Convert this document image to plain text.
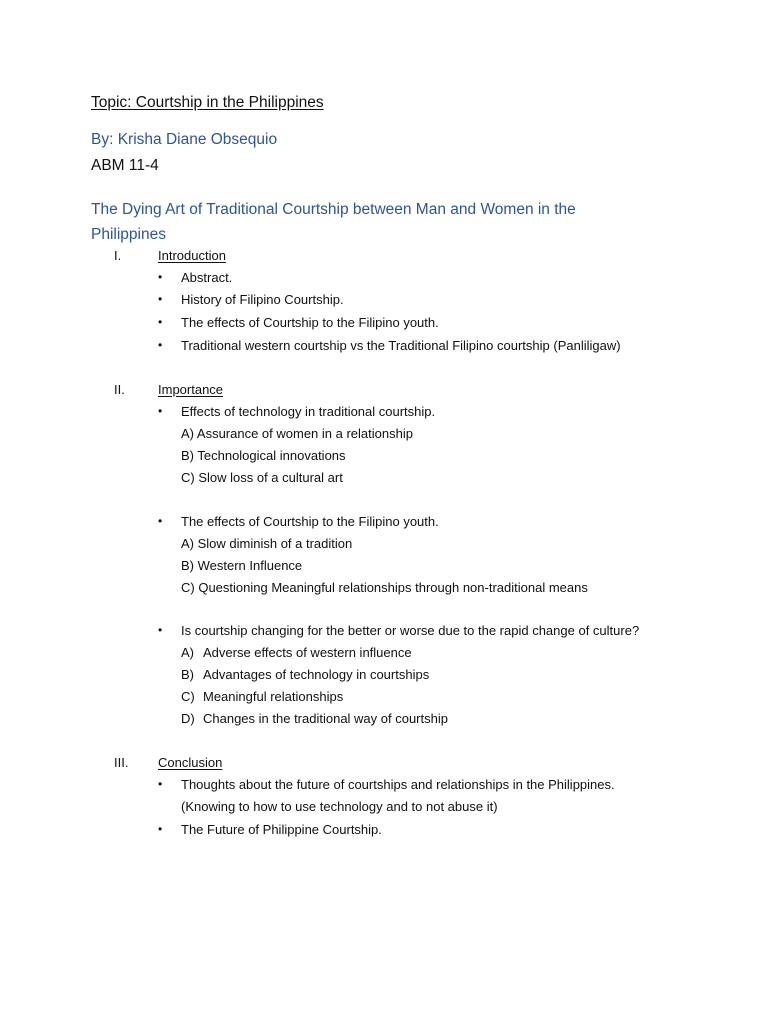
Topic: Courtship in the Philippines
By: Krisha Diane Obsequio
ABM 11-4
The Dying Art of Traditional Courtship between Man and Women in the
Philippines
I.	Introduction
• Abstract.
• History of Filipino Courtship.
• The effects of Courtship to the Filipino youth.
• Traditional western courtship vs the Traditional Filipino courtship (Panliligaw)
II.	Importance
• Effects of technology in traditional courtship.
A) Assurance of women in a relationship
B) Technological innovations
C) Slow loss of a cultural art
• The effects of Courtship to the Filipino youth.
A) Slow diminish of a tradition
B) Western Influence
C) Questioning Meaningful relationships through non-traditional means
• Is courtship changing for the better or worse due to the rapid change of culture?
A) Adverse effects of western influence
B) Advantages of technology in courtships
C) Meaningful relationships
D) Changes in the traditional way of courtship
III. Conclusion
• Thoughts about the future of courtships and relationships in the Philippines.
(Knowing to how to use technology and to not abuse it)
• The Future of Philippine Courtship.
